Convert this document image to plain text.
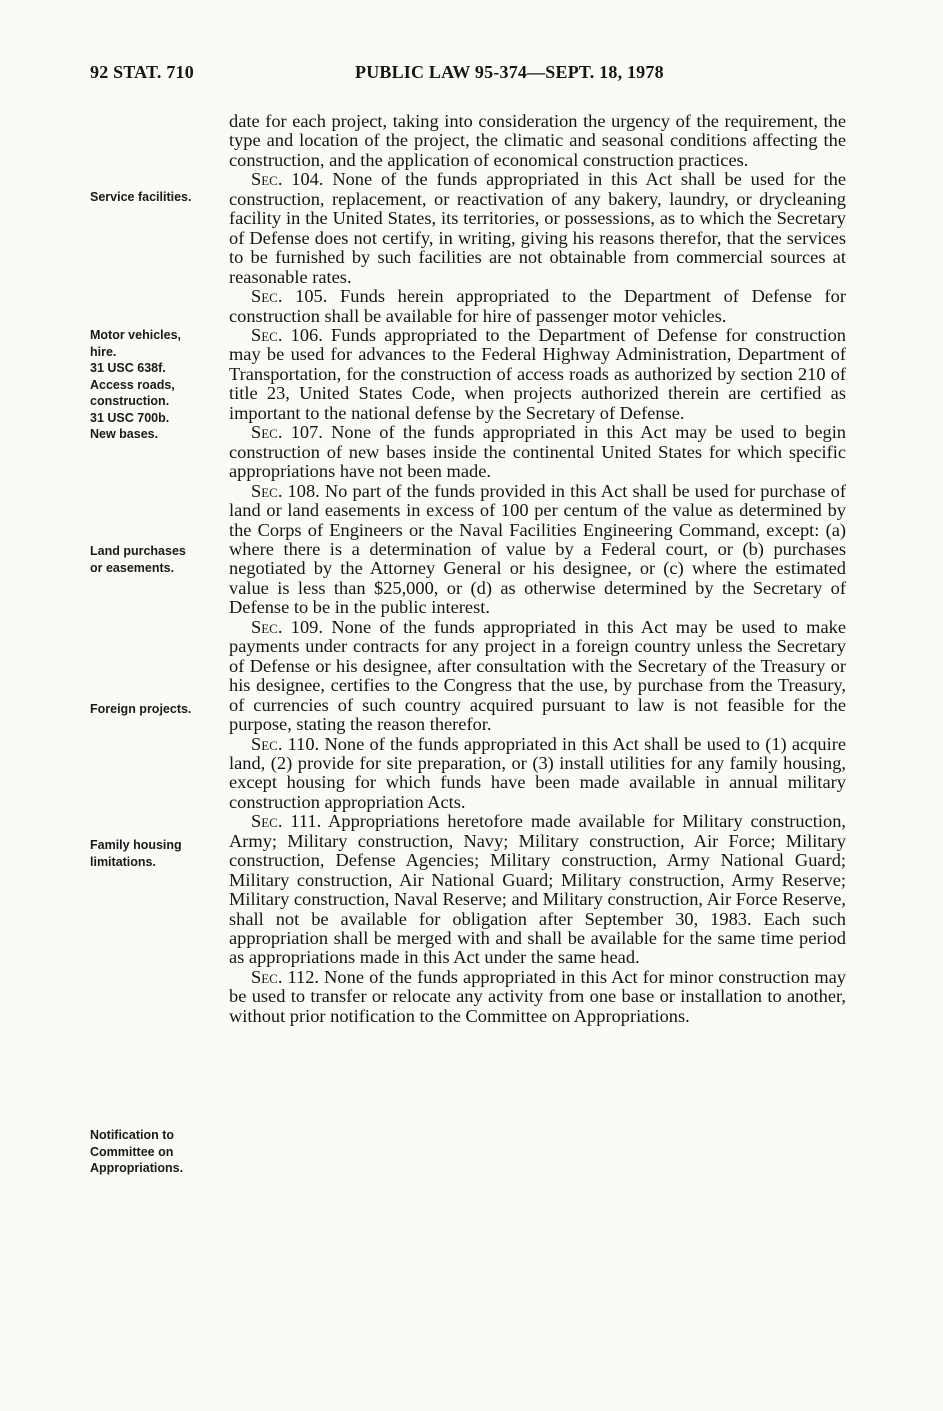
92 STAT. 710	PUBLIC LAW 95-374—SEPT. 18, 1978
Service facilities.
Motor vehicles,
hire.
31 USC 638f.
Access roads,
construction.
31 USC 700b.
New bases.
Land purchases
or easements.
Foreign projects.
Family housing
limitations.
Notification to
Committee on
Appropriations.

date for each project, taking into consideration the urgency of the requirement, the type and location of the project, the climatic and seasonal conditions affecting the construction, and the application of economical construction practices.

Sec. 104. None of the funds appropriated in this Act shall be used for the construction, replacement, or reactivation of any bakery, laundry, or drycleaning facility in the United States, its territories, or possessions, as to which the Secretary of Defense does not certify, in writing, giving his reasons therefor, that the services to be furnished by such facilities are not obtainable from commercial sources at reasonable rates.

Sec. 105. Funds herein appropriated to the Department of Defense for construction shall be available for hire of passenger motor vehicles.

Sec. 106. Funds appropriated to the Department of Defense for construction may be used for advances to the Federal Highway Administration, Department of Transportation, for the construction of access roads as authorized by section 210 of title 23, United States Code, when projects authorized therein are certified as important to the national defense by the Secretary of Defense.

Sec. 107. None of the funds appropriated in this Act may be used to begin construction of new bases inside the continental United States for which specific appropriations have not been made.

Sec. 108. No part of the funds provided in this Act shall be used for purchase of land or land easements in excess of 100 per centum of the value as determined by the Corps of Engineers or the Naval Facilities Engineering Command, except: (a) where there is a determination of value by a Federal court, or (b) purchases negotiated by the Attorney General or his designee, or (c) where the estimated value is less than $25,000, or (d) as otherwise determined by the Secretary of Defense to be in the public interest.

Sec. 109. None of the funds appropriated in this Act may be used to make payments under contracts for any project in a foreign country unless the Secretary of Defense or his designee, after consultation with the Secretary of the Treasury or his designee, certifies to the Congress that the use, by purchase from the Treasury, of currencies of such country acquired pursuant to law is not feasible for the purpose, stating the reason therefor.

Sec. 110. None of the funds appropriated in this Act shall be used to (1) acquire land, (2) provide for site preparation, or (3) install utilities for any family housing, except housing for which funds have been made available in annual military construction appropriation Acts.

Sec. 111. Appropriations heretofore made available for Military construction, Army; Military construction, Navy; Military construction, Air Force; Military construction, Defense Agencies; Military construction, Army National Guard; Military construction, Air National Guard; Military construction, Army Reserve; Military construction, Naval Reserve; and Military construction, Air Force Reserve, shall not be available for obligation after September 30, 1983. Each such appropriation shall be merged with and shall be available for the same time period as appropriations made in this Act under the same head.

Sec. 112. None of the funds appropriated in this Act for minor construction may be used to transfer or relocate any activity from one base or installation to another, without prior notification to the Committee on Appropriations.
